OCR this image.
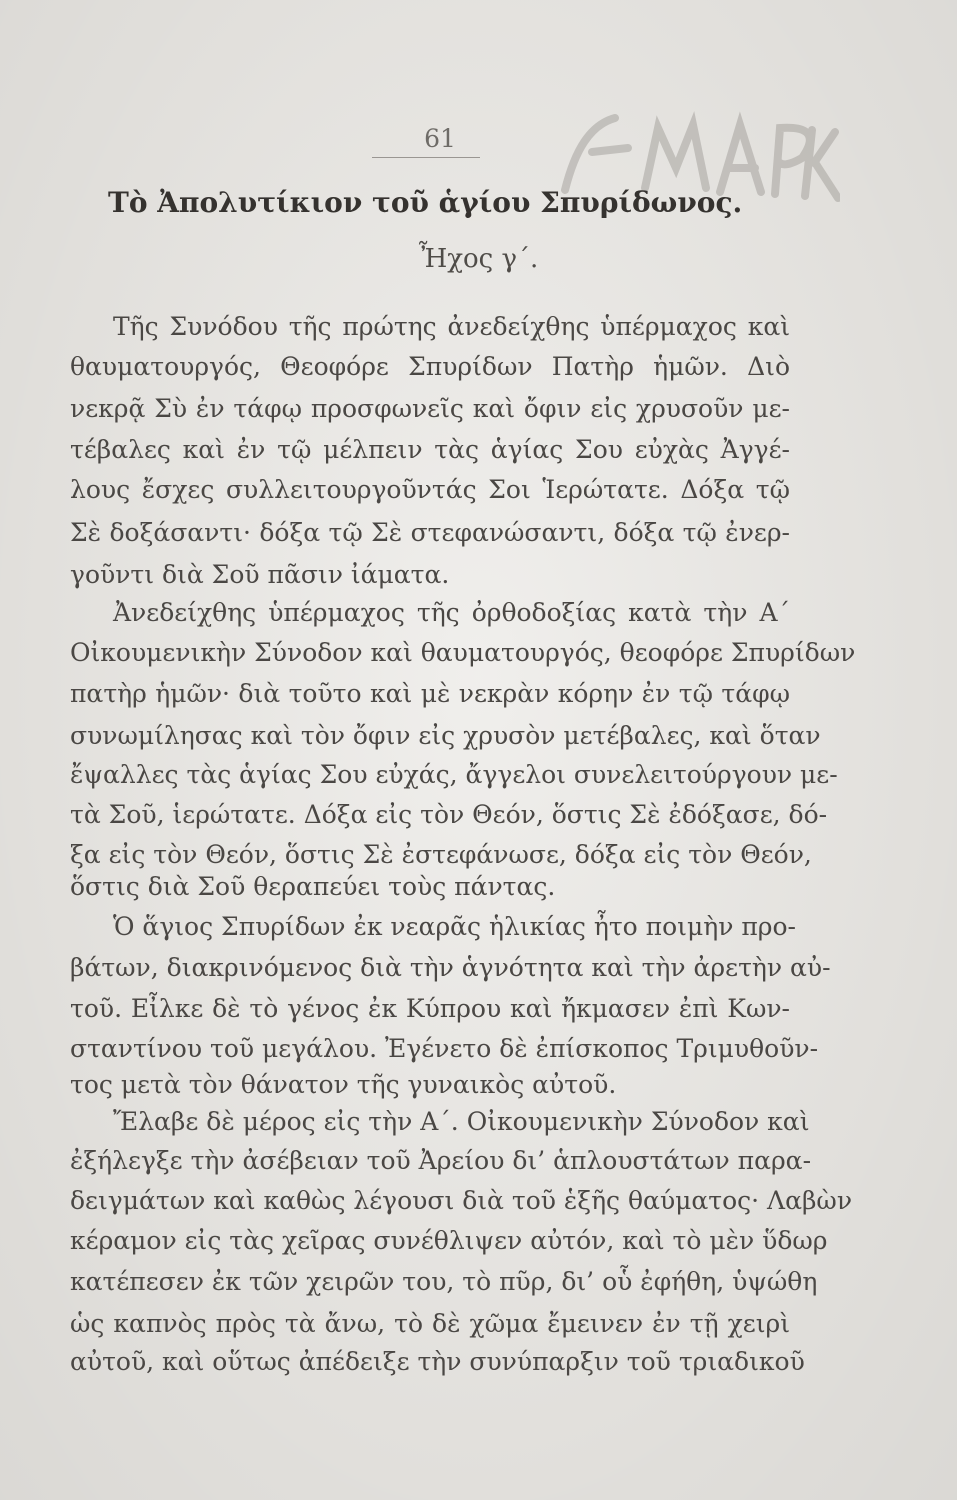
61
Τὸ Ἀπολυτίκιον τοῦ ἁγίου Σπυρίδωνος.
Ἦχος γ΄.
Τῆς Συνόδου τῆς πρώτης ἀνεδείχθης ὑπέρμαχος καὶ
θαυματουργός, Θεοφόρε Σπυρίδων Πατὴρ ἡμῶν. Διὸ
νεκρᾷ Σὺ ἐν τάφῳ προσφωνεῖς καὶ ὄφιν εἰς χρυσοῦν με-
τέβαλες καὶ ἐν τῷ μέλπειν τὰς ἁγίας Σου εὐχὰς Ἀγγέ-
λους ἔσχες συλλειτουργοῦντάς Σοι Ἱερώτατε. Δόξα τῷ
Σὲ δοξάσαντι· δόξα τῷ Σὲ στεφανώσαντι, δόξα τῷ ἐνερ-
γοῦντι διὰ Σοῦ πᾶσιν ἰάματα.
Ἀνεδείχθης ὑπέρμαχος τῆς ὀρθοδοξίας κατὰ τὴν Α΄
Οἰκουμενικὴν Σύνοδον καὶ θαυματουργός, θεοφόρε Σπυρίδων
πατὴρ ἡμῶν· διὰ τοῦτο καὶ μὲ νεκρὰν κόρην ἐν τῷ τάφῳ
συνωμίλησας καὶ τὸν ὄφιν εἰς χρυσὸν μετέβαλες, καὶ ὅταν
ἔψαλλες τὰς ἁγίας Σου εὐχάς, ἄγγελοι συνελειτούργουν με-
τὰ Σοῦ, ἱερώτατε. Δόξα εἰς τὸν Θεόν, ὅστις Σὲ ἐδόξασε, δό-
ξα εἰς τὸν Θεόν, ὅστις Σὲ ἐστεφάνωσε, δόξα εἰς τὸν Θεόν,
ὅστις διὰ Σοῦ θεραπεύει τοὺς πάντας.
Ὁ ἅγιος Σπυρίδων ἐκ νεαρᾶς ἡλικίας ἦτο ποιμὴν προ-
βάτων, διακρινόμενος διὰ τὴν ἁγνότητα καὶ τὴν ἀρετὴν αὐ-
τοῦ. Εἶλκε δὲ τὸ γένος ἐκ Κύπρου καὶ ἤκμασεν ἐπὶ Κων-
σταντίνου τοῦ μεγάλου. Ἐγένετο δὲ ἐπίσκοπος Τριμυθοῦν-
τος μετὰ τὸν θάνατον τῆς γυναικὸς αὐτοῦ.
Ἔλαβε δὲ μέρος εἰς τὴν Α΄. Οἰκουμενικὴν Σύνοδον καὶ
ἐξήλεγξε τὴν ἀσέβειαν τοῦ Ἀρείου δι’ ἁπλουστάτων παρα-
δειγμάτων καὶ καθὼς λέγουσι διὰ τοῦ ἑξῆς θαύματος· Λαβὼν
κέραμον εἰς τὰς χεῖρας συνέθλιψεν αὐτόν, καὶ τὸ μὲν ὕδωρ
κατέπεσεν ἐκ τῶν χειρῶν του, τὸ πῦρ, δι’ οὗ ἐφήθη, ὑψώθη
ὡς καπνὸς πρὸς τὰ ἄνω, τὸ δὲ χῶμα ἔμεινεν ἐν τῇ χειρὶ
αὐτοῦ, καὶ οὕτως ἀπέδειξε τὴν συνύπαρξιν τοῦ τριαδικοῦ
